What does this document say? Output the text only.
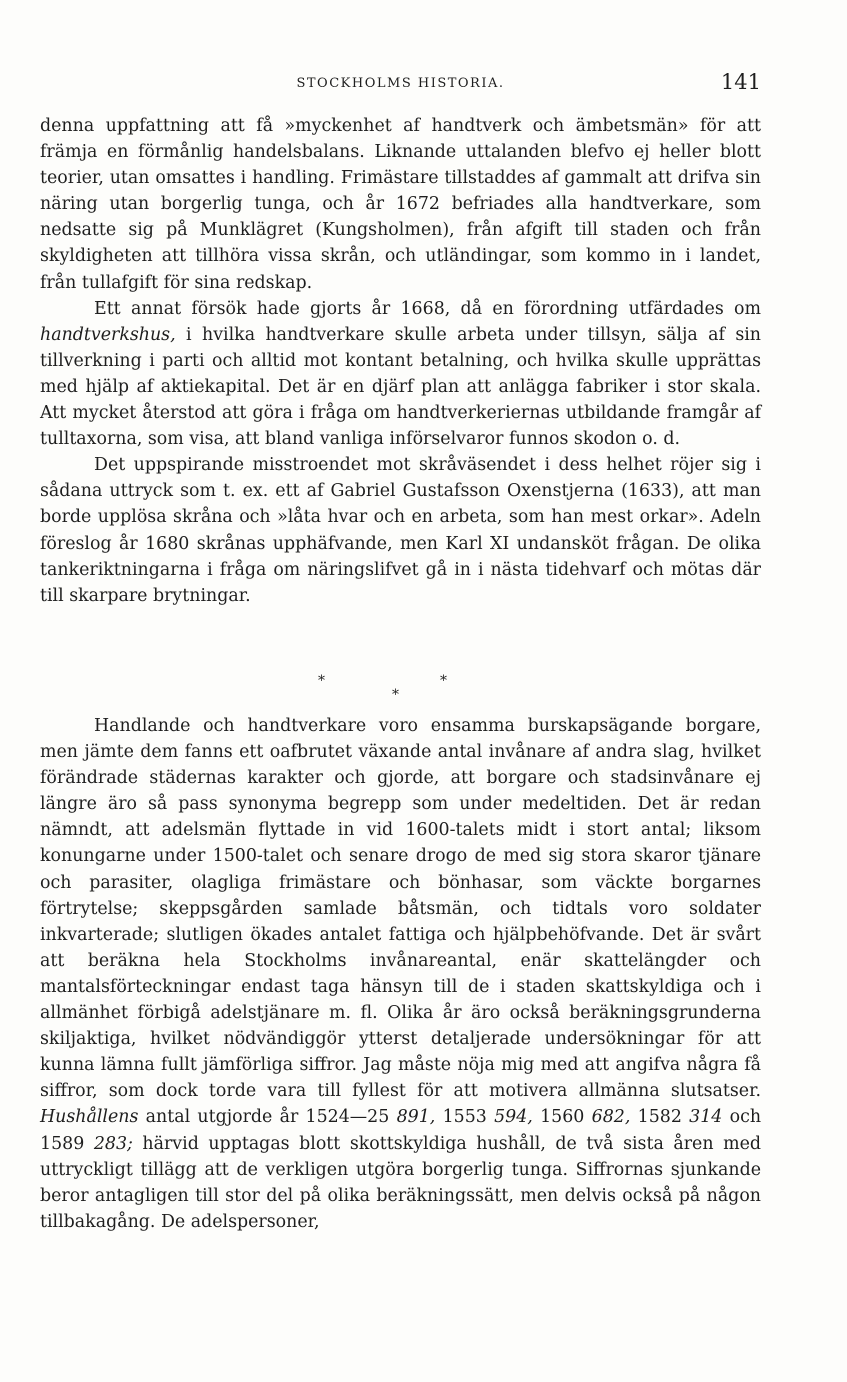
STOCKHOLMS HISTORIA.	141

denna uppfattning att få »myckenhet af handtverk och ämbetsmän» för att främja en förmånlig handelsbalans. Liknande uttalanden blefvo ej heller blott teorier, utan omsattes i handling. Frimästare tillstaddes af gammalt att drifva sin näring utan borgerlig tunga, och år 1672 befriades alla handtverkare, som nedsatte sig på Munklägret (Kungsholmen), från afgift till staden och från skyldigheten att tillhöra vissa skrån, och utländingar, som kommo in i landet, från tullafgift för sina redskap.

Ett annat försök hade gjorts år 1668, då en förordning utfärdades om handtverkshus, i hvilka handtverkare skulle arbeta under tillsyn, sälja af sin tillverkning i parti och alltid mot kontant betalning, och hvilka skulle upprättas med hjälp af aktiekapital. Det är en djärf plan att anlägga fabriker i stor skala. Att mycket återstod att göra i fråga om handtverkeriernas utbildande framgår af tulltaxorna, som visa, att bland vanliga införselvaror funnos skodon o. d.

Det uppspirande misstroendet mot skråväsendet i dess helhet röjer sig i sådana uttryck som t. ex. ett af Gabriel Gustafsson Oxenstjerna (1633), att man borde upplösa skråna och »låta hvar och en arbeta, som han mest orkar». Adeln föreslog år 1680 skrånas upphäfvande, men Karl XI undansköt frågan. De olika tankeriktningarna i fråga om näringslifvet gå in i nästa tidehvarf och mötas där till skarpare brytningar.

*	*
*

Handlande och handtverkare voro ensamma burskapsägande borgare, men jämte dem fanns ett oafbrutet växande antal invånare af andra slag, hvilket förändrade städernas karakter och gjorde, att borgare och stadsinvånare ej längre äro så pass synonyma begrepp som under medeltiden. Det är redan nämndt, att adelsmän flyttade in vid 1600-talets midt i stort antal; liksom konungarne under 1500-talet och senare drogo de med sig stora skaror tjänare och parasiter, olagliga frimästare och bönhasar, som väckte borgarnes förtrytelse; skeppsgården samlade båtsmän, och tidtals voro soldater inkvarterade; slutligen ökades antalet fattiga och hjälpbehöfvande. Det är svårt att beräkna hela Stockholms invånareantal, enär skattelängder och mantalsförteckningar endast taga hänsyn till de i staden skattskyldiga och i allmänhet förbigå adelstjänare m. fl. Olika år äro också beräkningsgrunderna skiljaktiga, hvilket nödvändiggör ytterst detaljerade undersökningar för att kunna lämna fullt jämförliga siffror. Jag måste nöja mig med att angifva några få siffror, som dock torde vara till fyllest för att motivera allmänna slutsatser. Hushållens antal utgjorde år 1524—25 891, 1553 594, 1560 682, 1582 314 och 1589 283; härvid upptagas blott skottskyldiga hushåll, de två sista åren med uttryckligt tillägg att de verkligen utgöra borgerlig tunga. Siffrornas sjunkande beror antagligen till stor del på olika beräkningssätt, men delvis också på någon tillbakagång. De adelspersoner,
